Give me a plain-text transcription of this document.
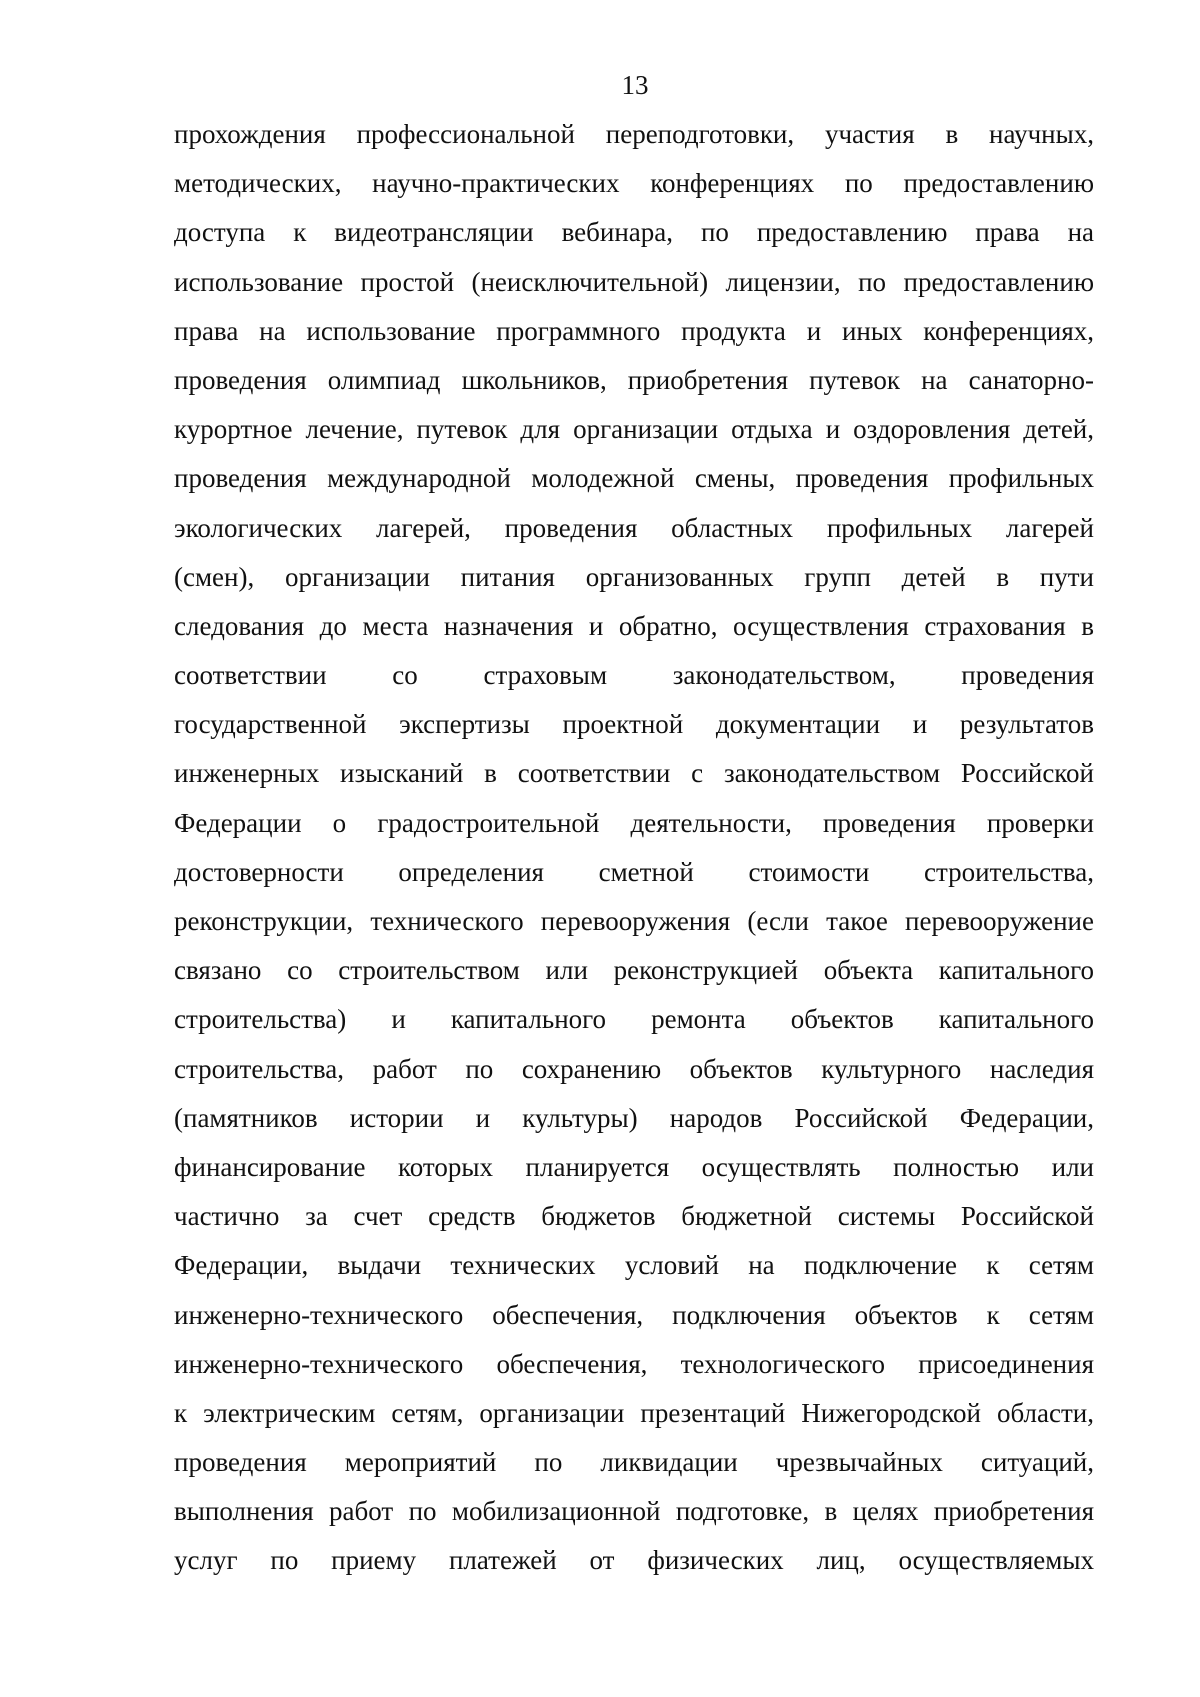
13
прохождения профессиональной переподготовки, участия в научных,
методических, научно-практических конференциях по предоставлению
доступа к видеотрансляции вебинара, по предоставлению права на
использование простой (неисключительной) лицензии, по предоставлению
права на использование программного продукта и иных конференциях,
проведения олимпиад школьников, приобретения путевок на санаторно-
курортное лечение, путевок для организации отдыха и оздоровления детей,
проведения международной молодежной смены, проведения профильных
экологических лагерей, проведения областных профильных лагерей
(смен), организации питания организованных групп детей в пути
следования до места назначения и обратно, осуществления страхования в
соответствии со страховым законодательством, проведения
государственной экспертизы проектной документации и результатов
инженерных изысканий в соответствии с законодательством Российской
Федерации о градостроительной деятельности, проведения проверки
достоверности определения сметной стоимости строительства,
реконструкции, технического перевооружения (если такое перевооружение
связано со строительством или реконструкцией объекта капитального
строительства) и капитального ремонта объектов капитального
строительства, работ по сохранению объектов культурного наследия
(памятников истории и культуры) народов Российской Федерации,
финансирование которых планируется осуществлять полностью или
частично за счет средств бюджетов бюджетной системы Российской
Федерации, выдачи технических условий на подключение к сетям
инженерно-технического обеспечения, подключения объектов к сетям
инженерно-технического обеспечения, технологического присоединения
к электрическим сетям, организации презентаций Нижегородской области,
проведения мероприятий по ликвидации чрезвычайных ситуаций,
выполнения работ по мобилизационной подготовке, в целях приобретения
услуг по приему платежей от физических лиц, осуществляемых
